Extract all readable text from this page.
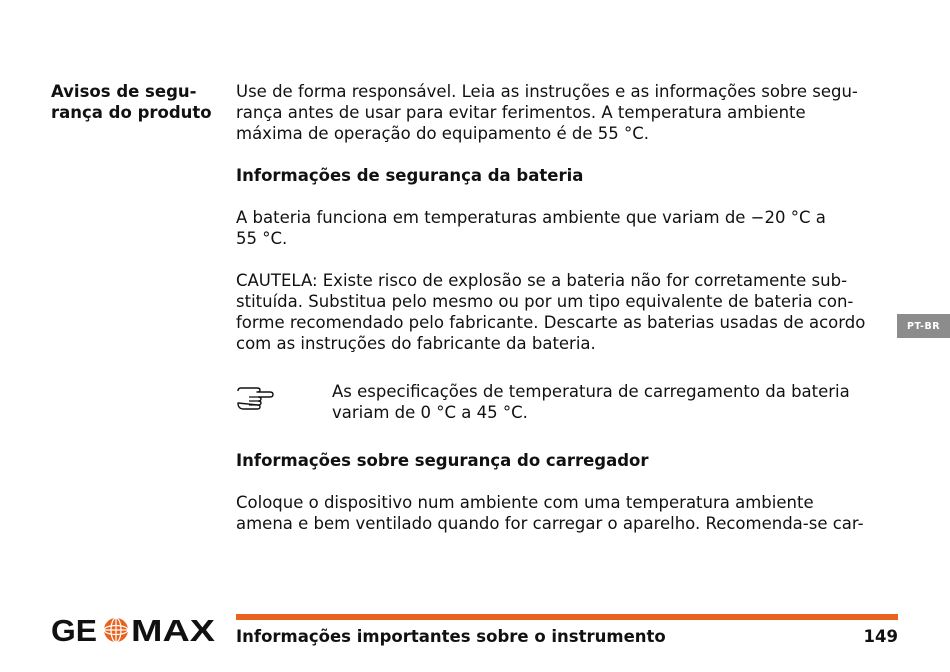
Avisos de segu-
rança do produto

Use de forma responsável. Leia as instruções e as informações sobre segu-
rança antes de usar para evitar ferimentos. A temperatura ambiente
máxima de operação do equipamento é de 55 °C.

Informações de segurança da bateria

A bateria funciona em temperaturas ambiente que variam de −20 °C a
55 °C.

CAUTELA: Existe risco de explosão se a bateria não for corretamente sub-
stituída. Substitua pelo mesmo ou por um tipo equivalente de bateria con-
forme recomendado pelo fabricante. Descarte as baterias usadas de acordo
com as instruções do fabricante da bateria.

As especificações de temperatura de carregamento da bateria
variam de 0 °C a 45 °C.

Informações sobre segurança do carregador

Coloque o dispositivo num ambiente com uma temperatura ambiente
amena e bem ventilado quando for carregar o aparelho. Recomenda-se car-

PT-BR
GE MAX Informações importantes sobre o instrumento	149
